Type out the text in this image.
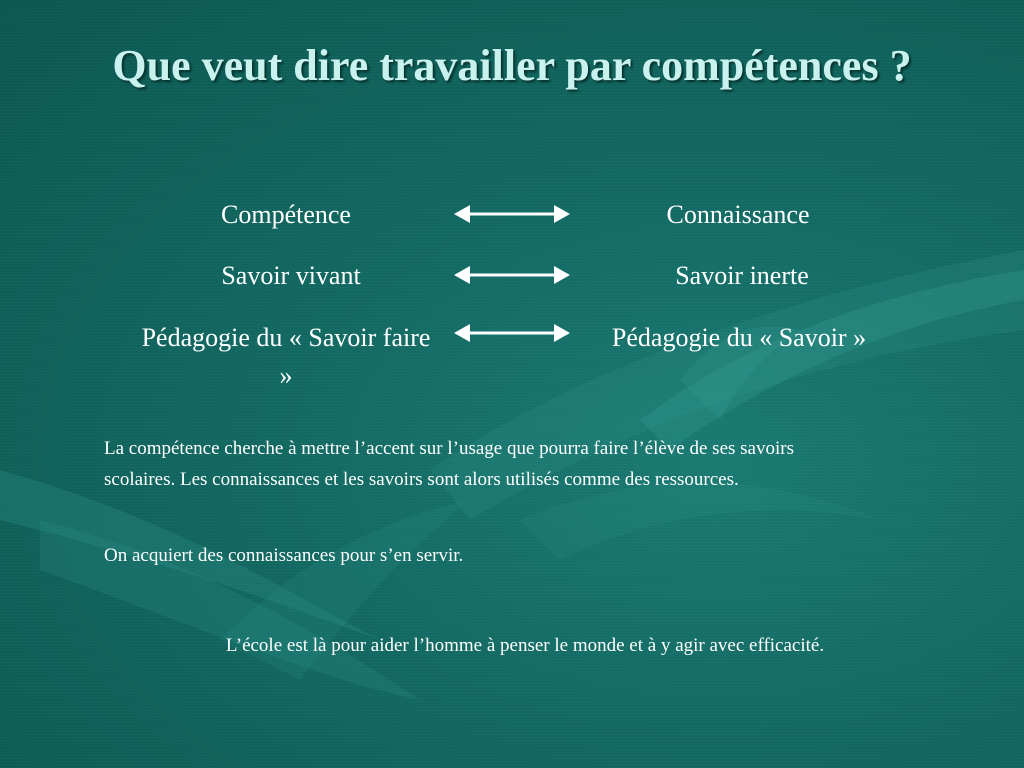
Que veut dire travailler par compétences ?
Compétence	Connaissance
Savoir vivant	Savoir inerte
Pédagogie du « Savoir faire »
Pédagogie du « Savoir »

La compétence cherche à mettre l’accent sur l’usage que pourra faire l’élève de ses savoirs scolaires. Les connaissances et les savoirs sont alors utilisés comme des ressources.

On acquiert des connaissances pour s’en servir.

L’école est là pour aider l’homme à penser le monde et à y agir avec efficacité.
